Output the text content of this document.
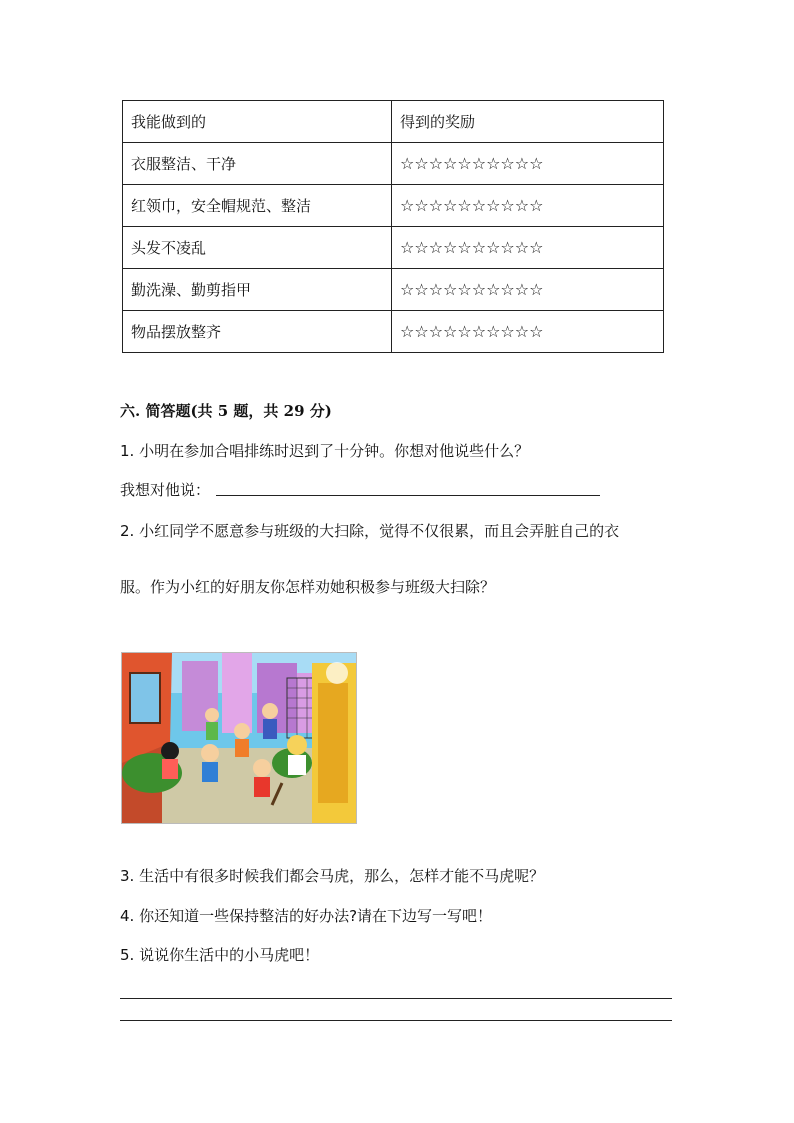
我能做到的	得到的奖励
衣服整洁、干净	☆☆☆☆☆☆☆☆☆☆
红领巾，安全帽规范、整洁	☆☆☆☆☆☆☆☆☆☆
头发不凌乱	☆☆☆☆☆☆☆☆☆☆
勤洗澡、勤剪指甲	☆☆☆☆☆☆☆☆☆☆
物品摆放整齐	☆☆☆☆☆☆☆☆☆☆
六. 简答题(共 5 题，共 29 分)
1. 小明在参加合唱排练时迟到了十分钟。你想对他说些什么？
我想对他说：
2. 小红同学不愿意参与班级的大扫除，觉得不仅很累，而且会弄脏自己的衣
服。作为小红的好朋友你怎样劝她积极参与班级大扫除？
3. 生活中有很多时候我们都会马虎，那么，怎样才能不马虎呢？
4. 你还知道一些保持整洁的好办法?请在下边写一写吧！
5. 说说你生活中的小马虎吧！
